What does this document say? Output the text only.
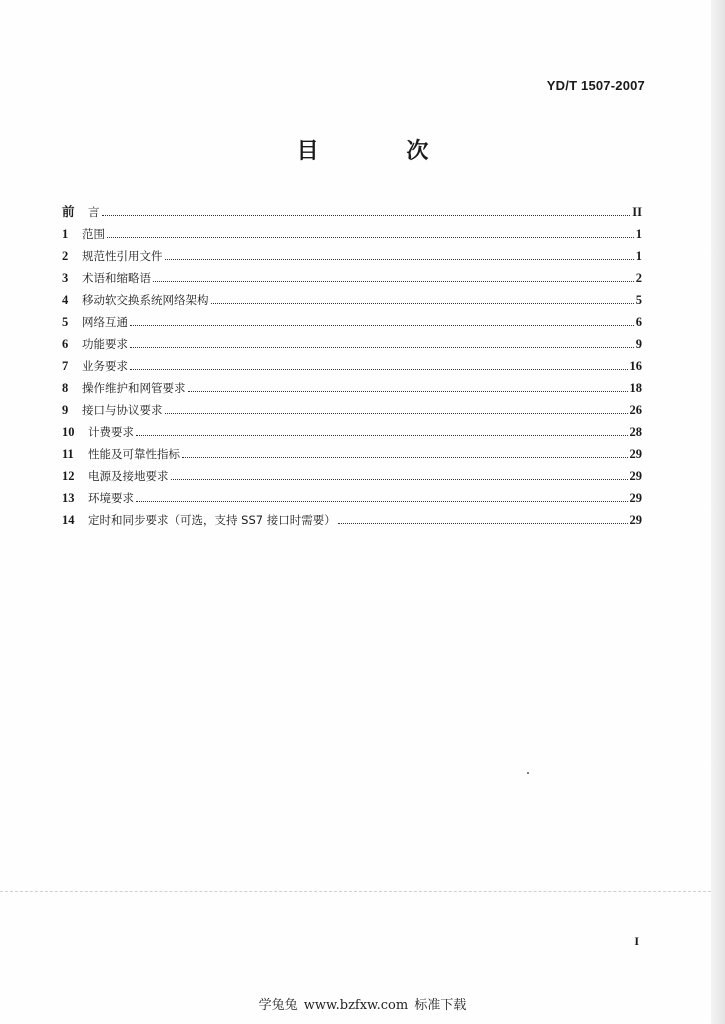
YD/T 1507-2007
目 次
前	言	II
1	范围	1
2	规范性引用文件	1
3	术语和缩略语	2
4	移动软交换系统网络架构	5
5	网络互通	6
6	功能要求	9
7	业务要求	16
8	操作维护和网管要求	18
9	接口与协议要求	26
10	计费要求	28
11	性能及可靠性指标	29
12	电源及接地要求	29
13	环境要求	29
14	定时和同步要求（可选，支持 SS7 接口时需要）	29
I
学兔兔 www.bzfxw.com 标准下载
